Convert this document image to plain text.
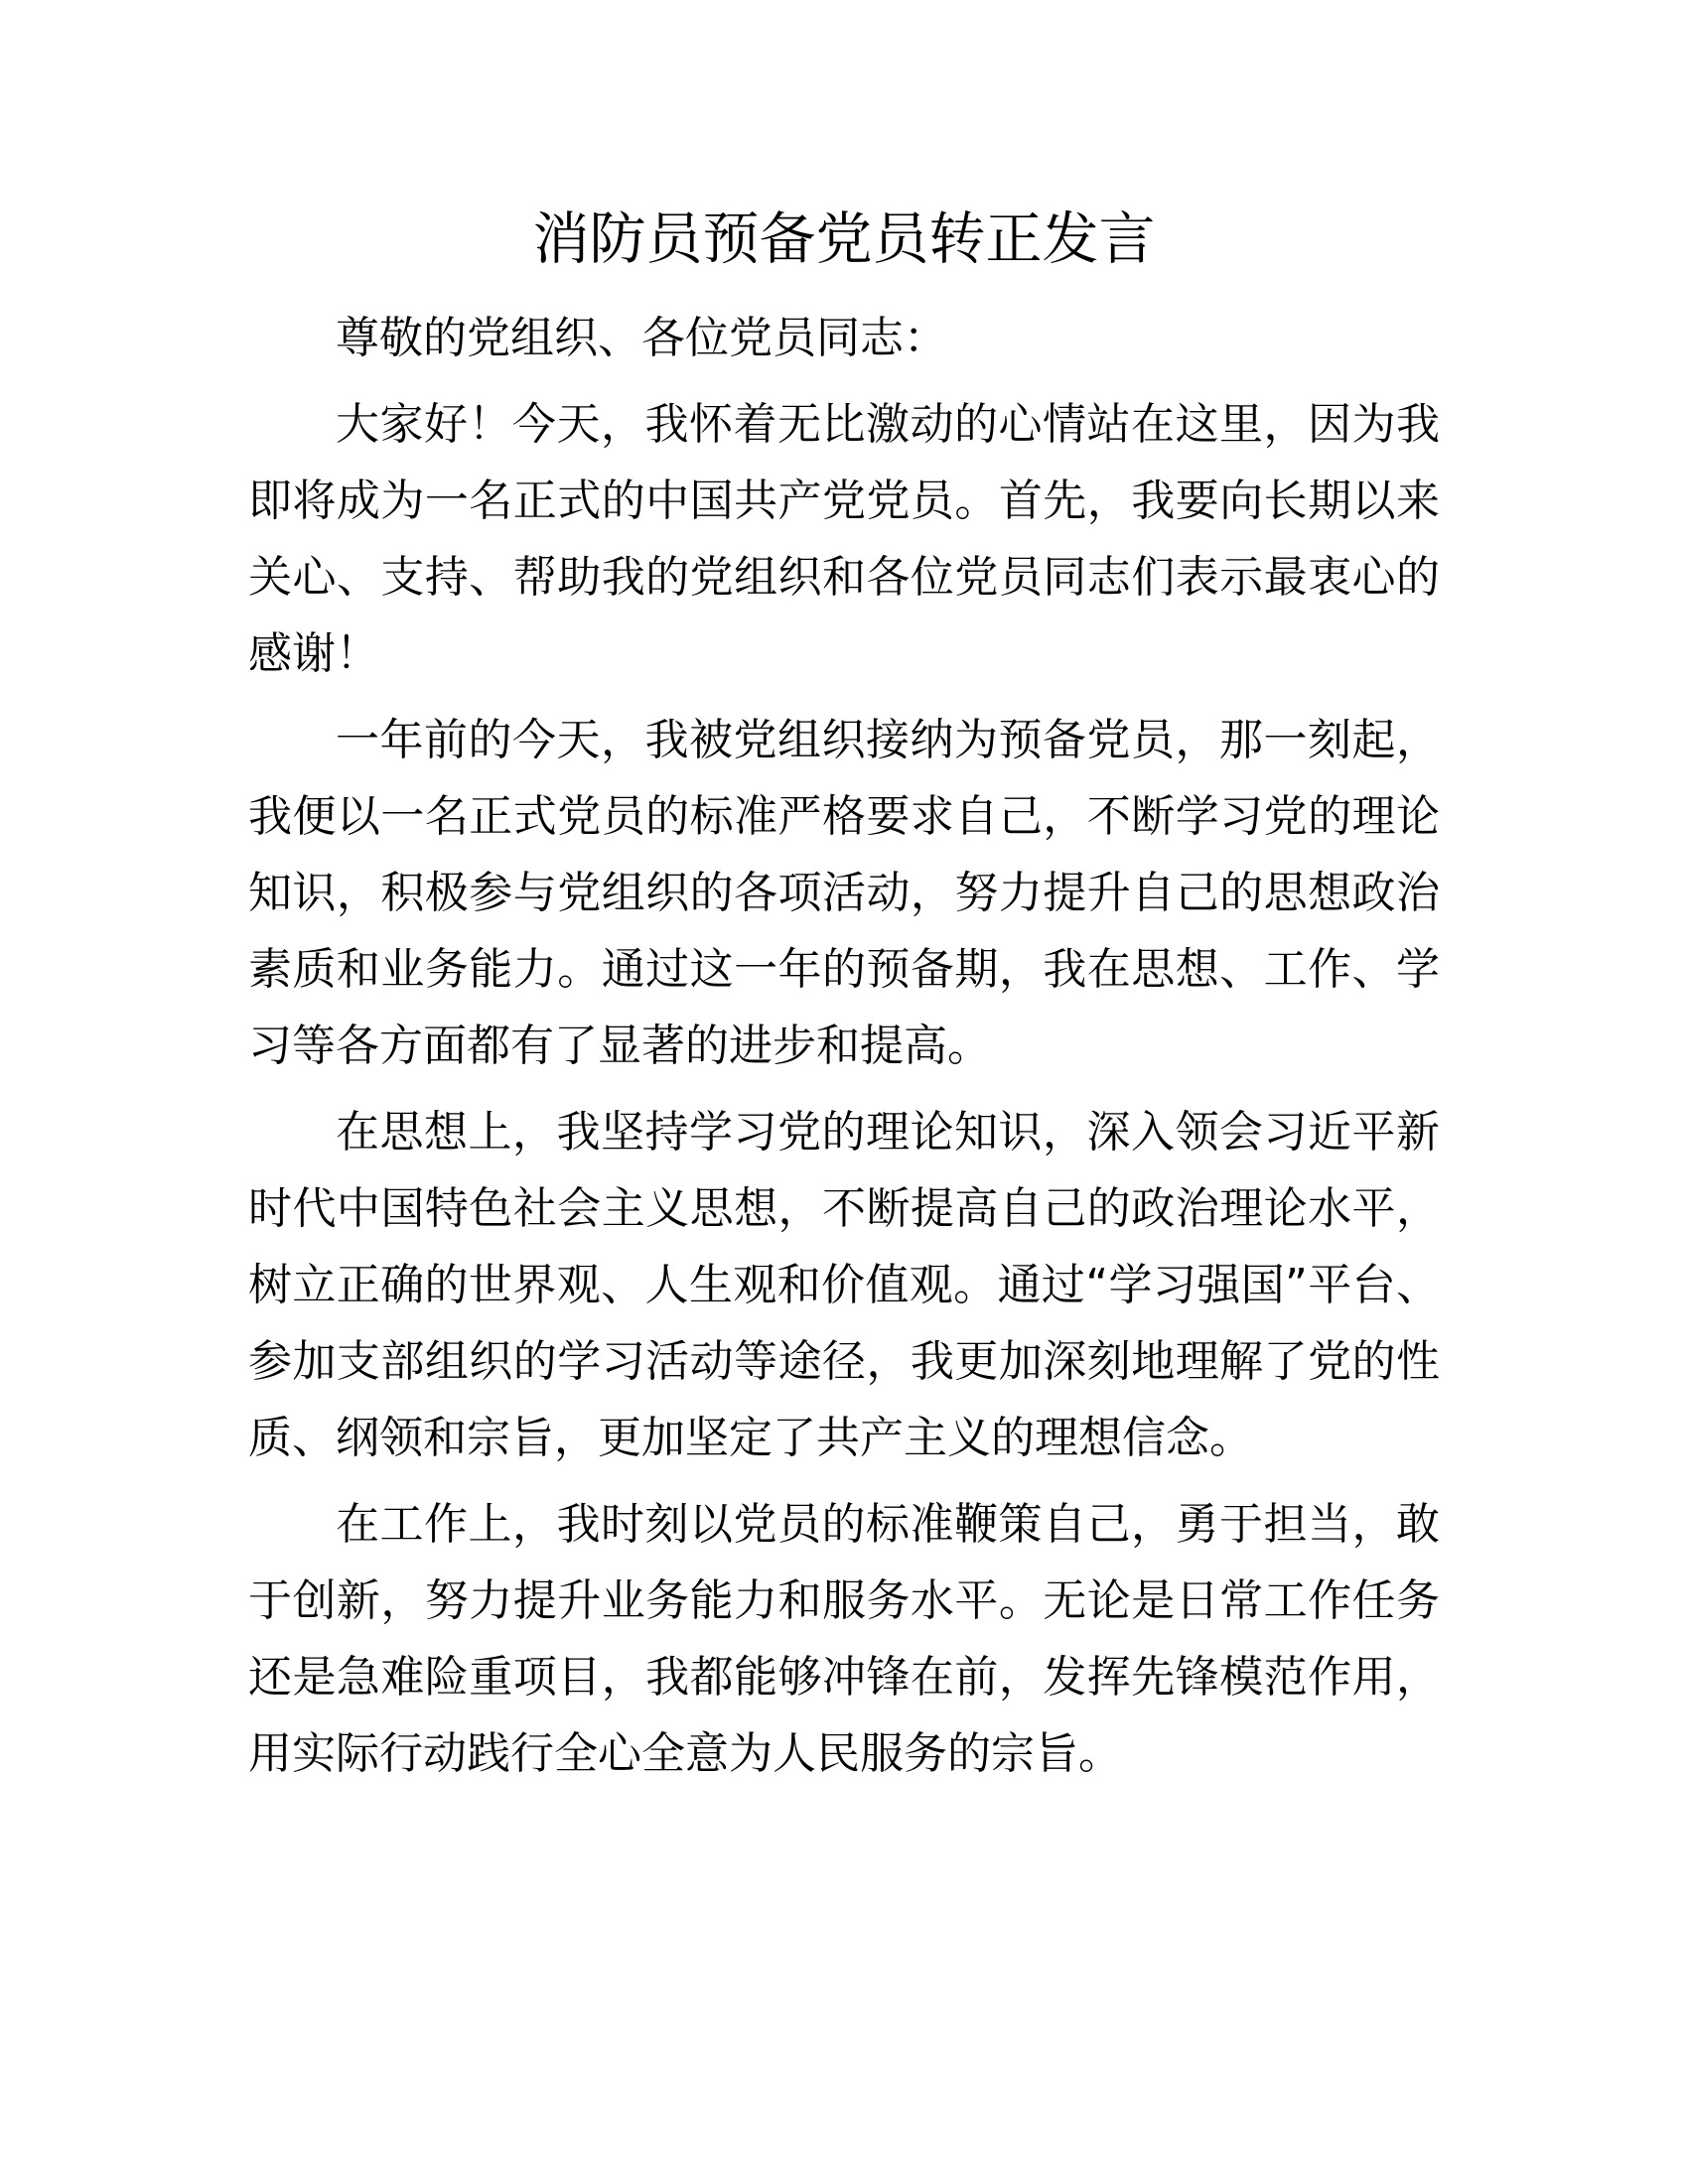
消防员预备党员转正发言

尊敬的党组织、各位党员同志：

大家好！今天，我怀着无比激动的心情站在这里，因为我即将成为一名正式的中国共产党党员。首先，我要向长期以来关心、支持、帮助我的党组织和各位党员同志们表示最衷心的感谢！

一年前的今天，我被党组织接纳为预备党员，那一刻起，我便以一名正式党员的标准严格要求自己，不断学习党的理论知识，积极参与党组织的各项活动，努力提升自己的思想政治素质和业务能力。通过这一年的预备期，我在思想、工作、学习等各方面都有了显著的进步和提高。

在思想上，我坚持学习党的理论知识，深入领会习近平新时代中国特色社会主义思想，不断提高自己的政治理论水平，树立正确的世界观、人生观和价值观。通过“学习强国”平台、参加支部组织的学习活动等途径，我更加深刻地理解了党的性质、纲领和宗旨，更加坚定了共产主义的理想信念。

在工作上，我时刻以党员的标准鞭策自己，勇于担当，敢于创新，努力提升业务能力和服务水平。无论是日常工作任务还是急难险重项目，我都能够冲锋在前，发挥先锋模范作用，用实际行动践行全心全意为人民服务的宗旨。
